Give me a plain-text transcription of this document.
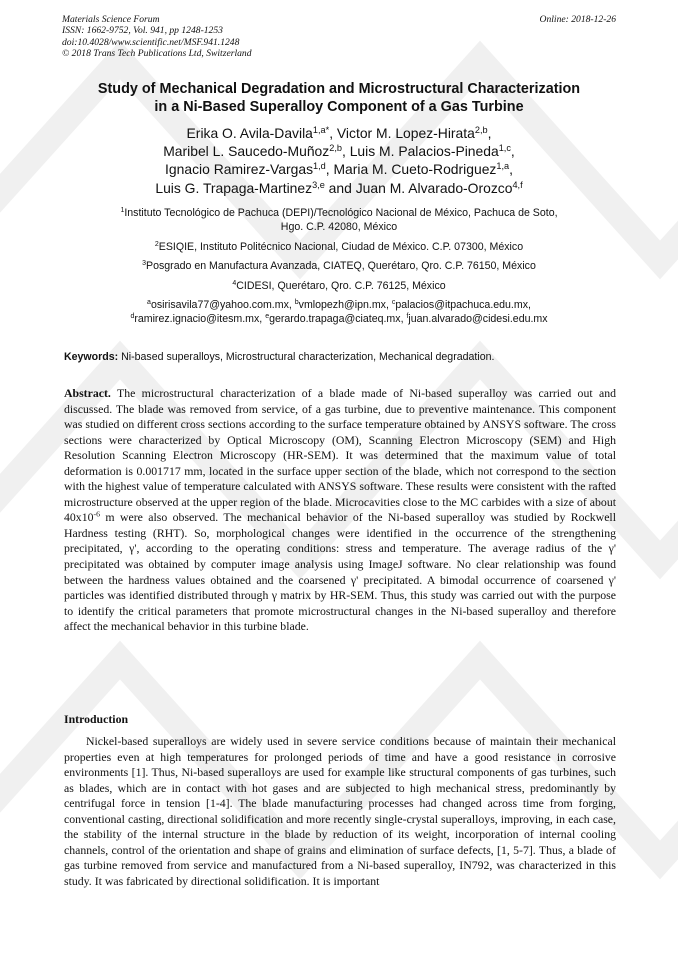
Materials Science Forum
ISSN: 1662-9752, Vol. 941, pp 1248-1253
doi:10.4028/www.scientific.net/MSF.941.1248
© 2018 Trans Tech Publications Ltd, Switzerland
Online: 2018-12-26
Study of Mechanical Degradation and Microstructural Characterization
in a Ni-Based Superalloy Component of a Gas Turbine
Erika O. Avila-Davila$^{1,a*}$, Victor M. Lopez-Hirata$^{2,b}$,
Maribel L. Saucedo-Muñoz$^{2,b}$, Luis M. Palacios-Pineda$^{1,c}$,
Ignacio Ramirez-Vargas$^{1,d}$, Maria M. Cueto-Rodriguez$^{1,a}$,
Luis G. Trapaga-Martinez$^{3,e}$ and Juan M. Alvarado-Orozco$^{4,f}$

$^1$Instituto Tecnológico de Pachuca (DEPI)/Tecnológico Nacional de México, Pachuca de Soto,
Hgo. C.P. 42080, México

$^2$ESIQIE, Instituto Politécnico Nacional, Ciudad de México. C.P. 07300, México

$^3$Posgrado en Manufactura Avanzada, CIATEQ, Querétaro, Qro. C.P. 76150, México

$^4$CIDESI, Querétaro, Qro. C.P. 76125, México

$^a$osirisavila77@yahoo.com.mx, $^b$vmlopezh@ipn.mx, $^c$palacios@itpachuca.edu.mx,
$^d$ramirez.ignacio@itesm.mx, $^e$gerardo.trapaga@ciateq.mx, $^f$juan.alvarado@cidesi.edu.mx

Keywords: Ni-based superalloys, Microstructural characterization, Mechanical degradation.

Abstract. The microstructural characterization of a blade made of Ni-based superalloy was carried out and discussed. The blade was removed from service, of a gas turbine, due to preventive maintenance. This component was studied on different cross sections according to the surface temperature obtained by ANSYS software. The cross sections were characterized by Optical Microscopy (OM), Scanning Electron Microscopy (SEM) and High Resolution Scanning Electron Microscopy (HR-SEM). It was determined that the maximum value of total deformation is 0.001717 mm, located in the surface upper section of the blade, which not correspond to the section with the highest value of temperature calculated with ANSYS software. These results were consistent with the rafted microstructure observed at the upper region of the blade. Microcavities close to the MC carbides with a size of about $40x10^{-6}$ m were also observed. The mechanical behavior of the Ni-based superalloy was studied by Rockwell Hardness testing (RHT). So, morphological changes were identified in the occurrence of the strengthening precipitated, γ', according to the operating conditions: stress and temperature. The average radius of the γ' precipitated was obtained by computer image analysis using ImageJ software. No clear relationship was found between the hardness values obtained and the coarsened γ' precipitated. A bimodal occurrence of coarsened γ' particles was identified distributed through γ matrix by HR-SEM. Thus, this study was carried out with the purpose to identify the critical parameters that promote microstructural changes in the Ni-based superalloy and therefore affect the mechanical behavior in this turbine blade.

Introduction

Nickel-based superalloys are widely used in severe service conditions because of maintain their mechanical properties even at high temperatures for prolonged periods of time and have a good resistance in corrosive environments [1]. Thus, Ni-based superalloys are used for example like structural components of gas turbines, such as blades, which are in contact with hot gases and are subjected to high mechanical stress, predominantly by centrifugal force in tension [1-4]. The blade manufacturing processes had changed across time from forging, conventional casting, directional solidification and more recently single-crystal superalloys, improving, in each case, the stability of the internal structure in the blade by reduction of its weight, incorporation of internal cooling channels, control of the orientation and shape of grains and elimination of surface defects, [1, 5-7]. Thus, a blade of gas turbine removed from service and manufactured from a Ni-based superalloy, IN792, was characterized in this study. It was fabricated by directional solidification. It is important
